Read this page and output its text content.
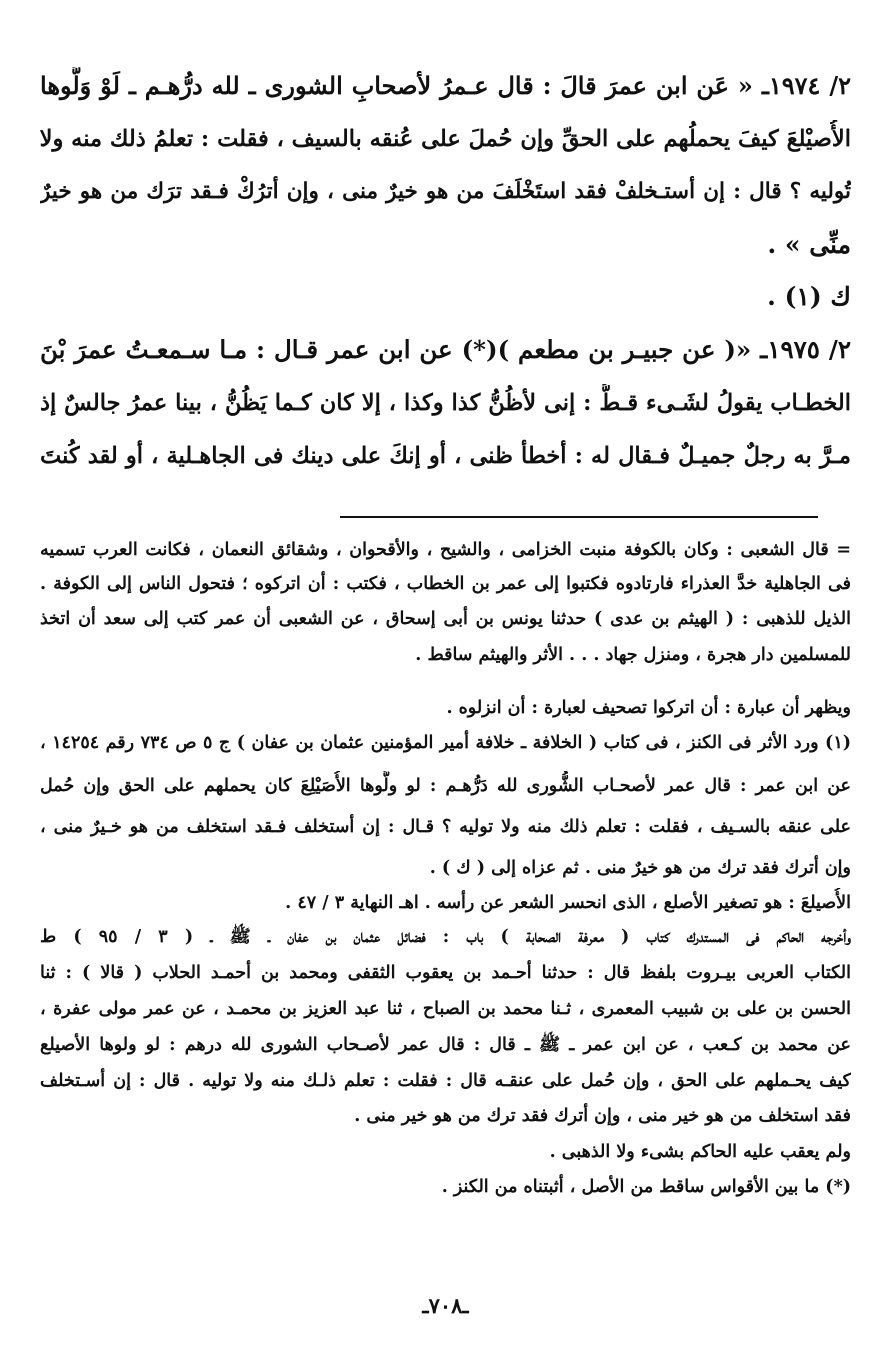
٢/ ١٩٧٤ـ « عَن ابن عمرَ قالَ : قال عـمرُ لأصحابِ الشورى ـ لله درُّهـم ـ لَوْ وَلَّوها
الأُصيْلعَ كيفَ يحملُهم على الحقِّ وإن حُملَ على عُنقه بالسيف ، فقلت : تعلمُ ذلك منه ولا
تُوليه ؟ قال : إن أستـخلفْ فقد استَخْلَفَ من هو خيرٌ منى ، وإن أترُكْ فـقد ترَك من هو خيرٌ
منِّى » .
ك (١) .
٢/ ١٩٧٥ـ «( عن جبيـر بن مطعم )(*) عن ابن عمر قـال : مـا سـمعـتُ عمرَ بْنَ
الخطـاب يقولُ لشَـىء قـطُّ : إنى لأظُنُّ كذا وكذا ، إلا كان كـما يَظُنُّ ، بينا عمرُ جالسٌ إذ
مـرَّ به رجلٌ جميـلٌ فـقال له : أخطأ ظنى ، أو إنكَ على دينك فى الجاهـلية ، أو لقد كُنتَ
= قال الشعبى : وكان بالكوفة منبت الخزامى ، والشيح ، والأقحوان ، وشقائق النعمان ، فكانت العرب تسميه
فى الجاهلية خدَّ العذراء فارتادوه فكتبوا إلى عمر بن الخطاب ، فكتب : أن اتركوه ؛ فتحول الناس إلى الكوفة .
الذيل للذهبى : ( الهيثم بن عدى ) حدثنا يونس بن أبى إسحاق ، عن الشعبى أن عمر كتب إلى سعد أن اتخذ
للمسلمين دار هجرة ، ومنزل جهاد . . . الأثر والهيثم ساقط .
ويظهر أن عبارة : أن اتركوا تصحيف لعبارة : أن انزلوه .
(١) ورد الأثر فى الكنز ، فى كتاب ( الخلافة ـ خلافة أمير المؤمنين عثمان بن عفان ) ج ٥ ص ٧٣٤ رقم ١٤٢٥٤ ،
عن ابن عمر : قال عمر لأصحـاب الشُّورى لله دَرُّهـم : لو ولُّوها الأُصَيْلِعَ كان يحملهم على الحق وإن حُمل
على عنقه بالسـيف ، فقلت : تعلم ذلك منه ولا توليه ؟ قـال : إن أستخلف فـقد استخلف من هو خـيرٌ منى ،
وإن أترك فقد ترك من هو خيرٌ منى . ثم عزاه إلى ( ك ) .
الأُصيلعَ : هو تصغير الأصلع ، الذى انحسر الشعر عن رأسه . اهـ النهاية ٣ / ٤٧ .
وأخرجه الحاكم فى المستدرك كتاب ( معرفة الصحابة ) باب : فضائل عثمان بن عفان ـ ﷺ ـ ( ٣ / ٩٥ ) ط
الكتاب العربى بيـروت بلفظ قال : حدثنا أحـمد بن يعقوب الثقفى ومحمد بن أحمـد الحلاب ( قالا ) : ثنا
الحسن بن على بن شبيب المعمرى ، ثـنا محمد بن الصباح ، ثنا عبد العزيز بن محمـد ، عن عمر مولى عفرة ،
عن محمد بن كـعب ، عن ابن عمر ـ ﷺ ـ قال : قال عمر لأصـحاب الشورى لله درهم : لو ولوها الأصيلع
كيف يحـملهم على الحق ، وإن حُمل على عنقـه قال : فقلت : تعلم ذلـك منه ولا توليه . قال : إن أسـتخلف
فقد استخلف من هو خير منى ، وإن أترك فقد ترك من هو خير منى .
ولم يعقب عليه الحاكم بشىء ولا الذهبى .
(*) ما بين الأقواس ساقط من الأصل ، أثبتناه من الكنز .
ـ٧٠٨ـ
